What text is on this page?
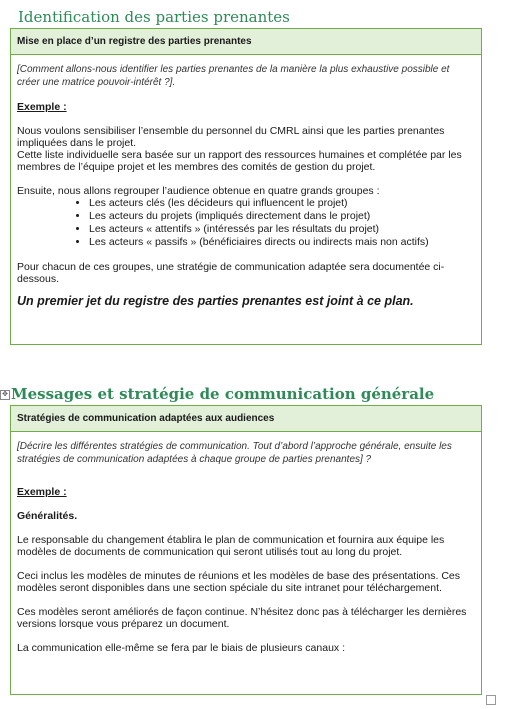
Identification des parties prenantes
Mise en place d’un registre des parties prenantes

[Comment allons-nous identifier les parties prenantes de la manière la plus exhaustive possible et créer une matrice pouvoir-intérêt ?].

Exemple :

Nous voulons sensibiliser l’ensemble du personnel du CMRL ainsi que les parties prenantes impliquées dans le projet.

Cette liste individuelle sera basée sur un rapport des ressources humaines et complétée par les membres de l’équipe projet et les membres des comités de gestion du projet.

Ensuite, nous allons regrouper l’audience obtenue en quatre grands groupes :

• Les acteurs clés (les décideurs qui influencent le projet)
• Les acteurs du projets (impliqués directement dans le projet)
• Les acteurs « attentifs » (intéressés par les résultats du projet)
• Les acteurs « passifs » (bénéficiaires directs ou indirects mais non actifs)

Pour chacun de ces groupes, une stratégie de communication adaptée sera documentée ci-dessous.

Un premier jet du registre des parties prenantes est joint à ce plan.

✥ Messages et stratégie de communication générale
Stratégies de communication adaptées aux audiences

[Décrire les différentes stratégies de communication. Tout d’abord l’approche générale, ensuite les stratégies de communication adaptées à chaque groupe de parties prenantes] ?

Exemple :

Généralités.

Le responsable du changement établira le plan de communication et fournira aux équipe les modèles de documents de communication qui seront utilisés tout au long du projet.

Ceci inclus les modèles de minutes de réunions et les modèles de base des présentations. Ces modèles seront disponibles dans une section spéciale du site intranet pour téléchargement.

Ces modèles seront améliorés de façon continue. N’hésitez donc pas à télécharger les dernières versions lorsque vous préparez un document.

La communication elle-même se fera par le biais de plusieurs canaux :
